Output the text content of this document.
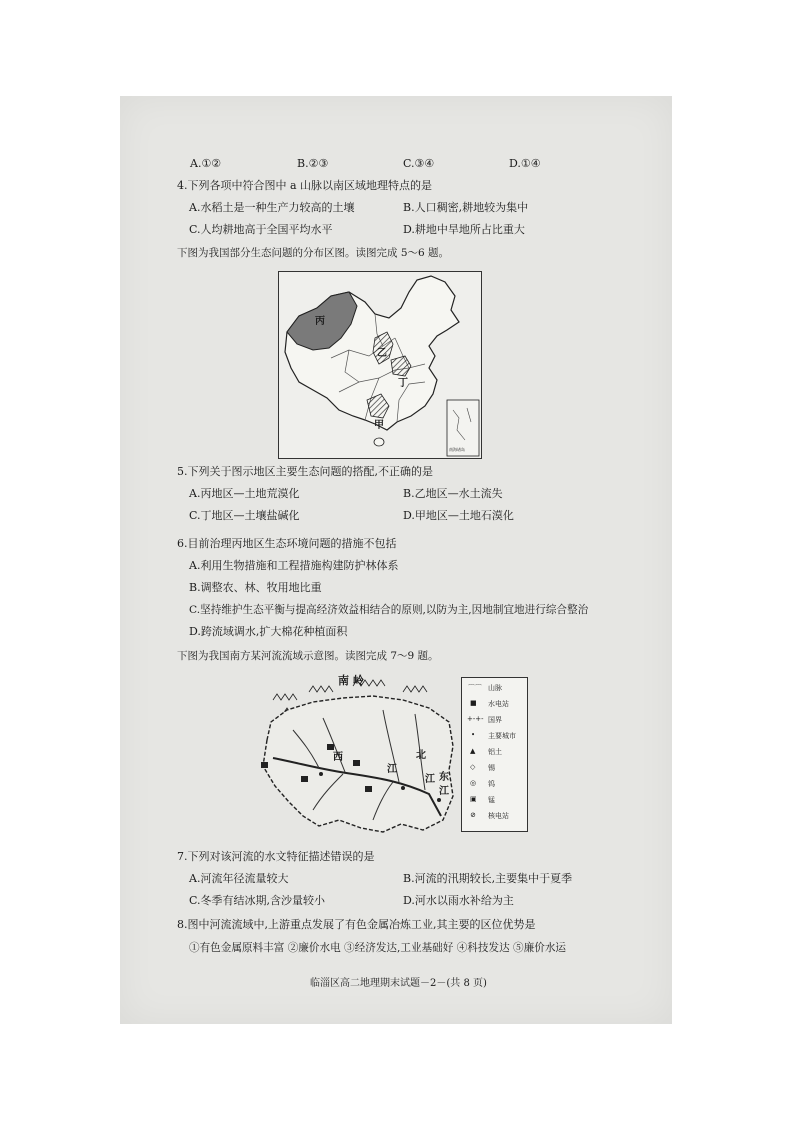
A.①②	B.②③	C.③④	D.①④
4.下列各项中符合图中 a 山脉以南区域地理特点的是
A.水稻土是一种生产力较高的土壤	B.人口稠密,耕地较为集中
C.人均耕地高于全国平均水平	D.耕地中旱地所占比重大
下图为我国部分生态问题的分布区图。读图完成 5～6 题。
丙
乙
丁
甲
南海诸岛
5.下列关于图示地区主要生态问题的搭配,不正确的是
A.丙地区—土地荒漠化	B.乙地区—水土流失
C.丁地区—土壤盐碱化	D.甲地区—土地石漠化
6.目前治理丙地区生态环境问题的措施不包括
A.利用生物措施和工程措施构建防护林体系
B.调整农、林、牧用地比重
C.坚持维护生态平衡与提高经济效益相结合的原则,以防为主,因地制宜地进行综合整治
D.跨流域调水,扩大棉花种植面积
下图为我国南方某河流流域示意图。读图完成 7～9 题。
南 岭
西
江
北
东
江
江
⌒⌒ 山脉
■ 水电站
+-+- 国界
• 主要城市
▲ 铝土
◇ 锡
◎ 钨
▣ 锰
⊘ 核电站
7.下列对该河流的水文特征描述错误的是
A.河流年径流量较大	B.河流的汛期较长,主要集中于夏季
C.冬季有结冰期,含沙量较小	D.河水以雨水补给为主
8.图中河流流域中,上游重点发展了有色金属冶炼工业,其主要的区位优势是
①有色金属原料丰富 ②廉价水电 ③经济发达,工业基础好 ④科技发达 ⑤廉价水运
临淄区高二地理期末试题－2－(共 8 页)
